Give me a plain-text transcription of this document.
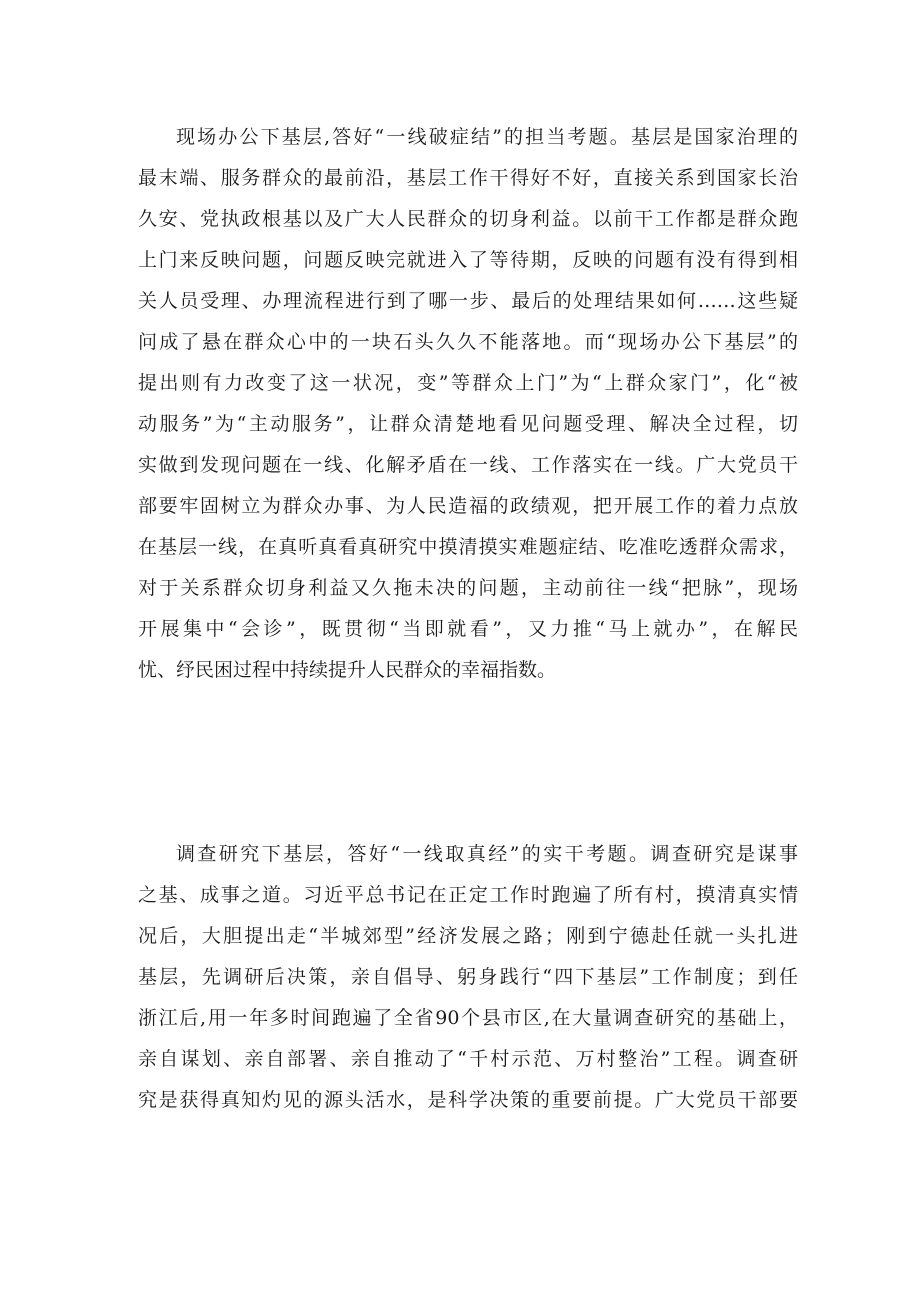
现场办公下基层,答好“一线破症结”的担当考题。基层是国家治理的
最末端、服务群众的最前沿，基层工作干得好不好，直接关系到国家长治
久安、党执政根基以及广大人民群众的切身利益。以前干工作都是群众跑
上门来反映问题，问题反映完就进入了等待期，反映的问题有没有得到相
关人员受理、办理流程进行到了哪一步、最后的处理结果如何……这些疑
问成了悬在群众心中的一块石头久久不能落地。而“现场办公下基层”的
提出则有力改变了这一状况，变”等群众上门”为“上群众家门”，化“被
动服务”为“主动服务”，让群众清楚地看见问题受理、解决全过程，切
实做到发现问题在一线、化解矛盾在一线、工作落实在一线。广大党员干
部要牢固树立为群众办事、为人民造福的政绩观，把开展工作的着力点放
在基层一线，在真听真看真研究中摸清摸实难题症结、吃准吃透群众需求，
对于关系群众切身利益又久拖未决的问题，主动前往一线“把脉”，现场
开展集中“会诊”，既贯彻“当即就看”，又力推“马上就办”，在解民
忧、纾民困过程中持续提升人民群众的幸福指数。

调查研究下基层，答好“一线取真经”的实干考题。调查研究是谋事
之基、成事之道。习近平总书记在正定工作时跑遍了所有村，摸清真实情
况后，大胆提出走“半城郊型”经济发展之路；刚到宁德赴任就一头扎进
基层，先调研后决策，亲自倡导、躬身践行“四下基层”工作制度；到任
浙江后,用一年多时间跑遍了全省90个县市区,在大量调查研究的基础上，
亲自谋划、亲自部署、亲自推动了“千村示范、万村整治”工程。调查研
究是获得真知灼见的源头活水，是科学决策的重要前提。广大党员干部要
